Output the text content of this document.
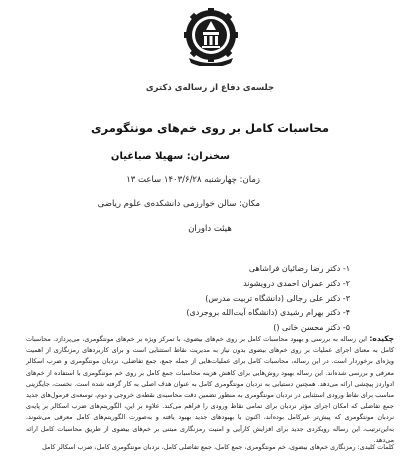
جلسه‌ی دفاع از رساله‌ی دکتری
محاسبات کامل بر روی خم‌های مونتگومری
سخنران: سهیلا صباغیان
زمان: چهارشنبه ۱۴۰۳/۶/۲۸ ساعت ۱۳
مکان: سالن خوارزمی دانشکده‌ی علوم ریاضی
هیئت داوران
۱- دکتر رضا رضائیان فراشاهی
۲- دکتر عمران احمدی درویشوند
۳- دکتر علی رجالی (دانشگاه تربیت مدرس)
۴- دکتر بهرام رشیدی (دانشگاه آیت‌الله بروجردی)
۵- دکتر محسن خانی ()

چکیده: این رساله به بررسی و بهبود محاسبات کامل بر روی خم‌های بیضوی، با تمرکز ویژه بر خم‌های مونتگومری، می‌پردازد. محاسبات کامل به معنای اجرای عملیات بر روی خم‌های بیضوی بدون نیاز به مدیریت نقاط استثنایی است و برای کاربردهای رمزنگاری از اهمیت ویژه‌ای برخوردار است. در این رساله، محاسبات کامل برای عملیات‌هایی از جمله جمع، جمع تفاضلی، نردبان مونتگومری و ضرب اسکالر معرفی و بررسی شده‌اند. این رساله بهبود روش‌هایی برای کاهش هزینه محاسبات جمع کامل بر روی خم مونتگومری با استفاده از خم‌های ادواردز پیچشی ارائه می‌دهد. همچنین دستیابی به نردبان مونتگومری کامل به عنوان هدف اصلی به کار گرفته شده است. نخست، جایگزینی مناسب برای نقاط ورودی استثنایی در نردبان مونتگومری به منظور تضمین دقت محاسبه‌ی نقطه‌ی خروجی و دوم، توسعه‌ی فرمول‌های جدید جمع تفاضلی که امکان اجرای مؤثر نردبان برای تمامی نقاط ورودی را فراهم می‌کند. علاوه بر این، الگوریتم‌های ضرب اسکالر بر پایه‌ی نردبان مونتگومری که پیش‌تر غیرکامل بوده‌اند، اکنون با بهبودهای جدید بهبود یافته و به‌صورت الگوریتم‌های کامل معرفی می‌شوند. به‌این‌ترتیب، این رساله رویکردی جدید برای افزایش کارآیی و امنیت رمزنگاری مبتنی بر خم‌های بیضوی از طریق محاسبات کامل ارائه می‌دهد.

کلمات کلیدی: رمزنگاری خم‌های بیضوی، خم مونتگومری، جمع کامل، جمع تفاضلی کامل، نردبان مونتگومری کامل، ضرب اسکالر کامل
